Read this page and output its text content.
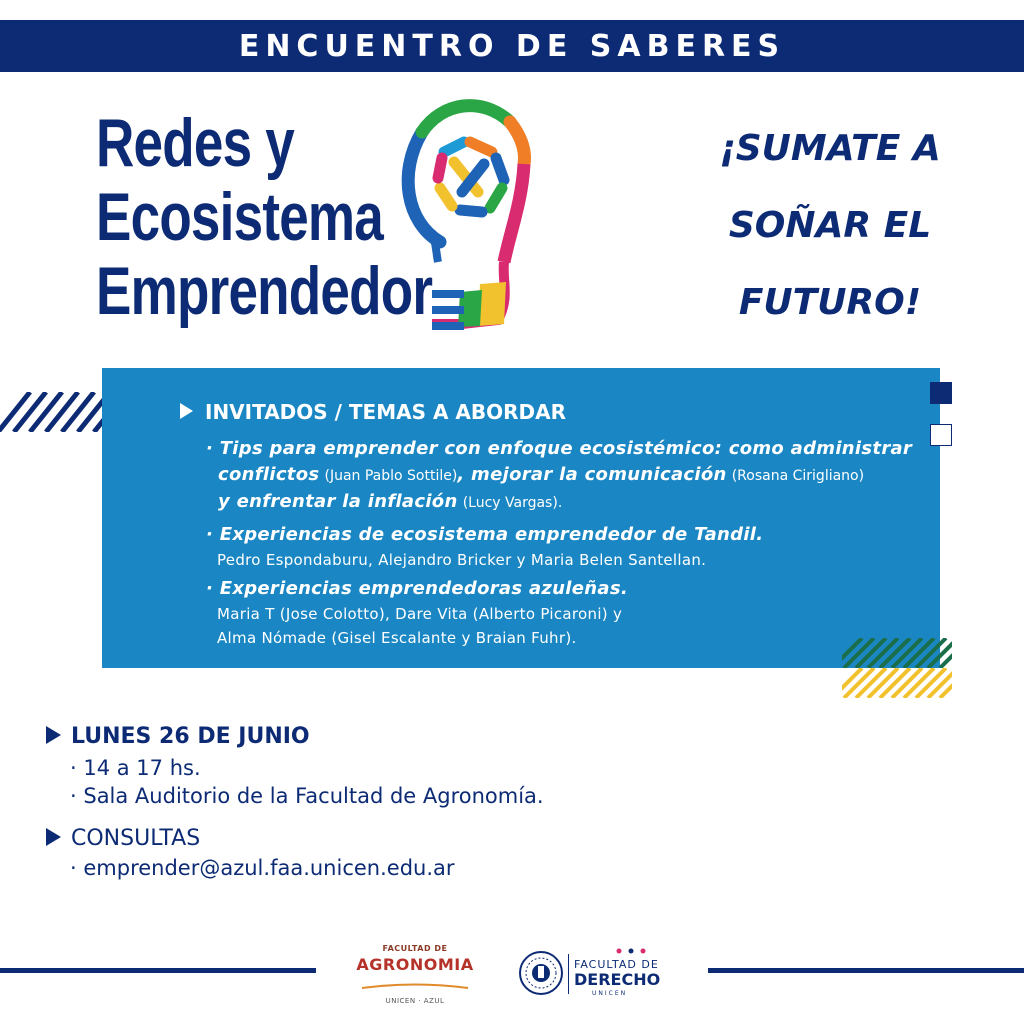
ENCUENTRO DE SABERES
Redes y
Ecosistema
Emprendedor
¡SUMATE A
SOÑAR EL
FUTURO!
INVITADOS / TEMAS A ABORDAR
· Tips para emprender con enfoque ecosistémico: como administrar
conflictos (Juan Pablo Sottile), mejorar la comunicación (Rosana Cirigliano)
y enfrentar la inflación (Lucy Vargas).
· Experiencias de ecosistema emprendedor de Tandil.
Pedro Espondaburu, Alejandro Bricker y Maria Belen Santellan.
· Experiencias emprendedoras azuleñas.
Maria T (Jose Colotto), Dare Vita (Alberto Picaroni) y
Alma Nómade (Gisel Escalante y Braian Fuhr).
LUNES 26 DE JUNIO
· 14 a 17 hs.
· Sala Auditorio de la Facultad de Agronomía.
CONSULTAS
· emprender@azul.faa.unicen.edu.ar
FACULTAD DE
AGRONOMIA
UNICEN · AZUL
FACULTAD DE
DERECHO
UNICEN
